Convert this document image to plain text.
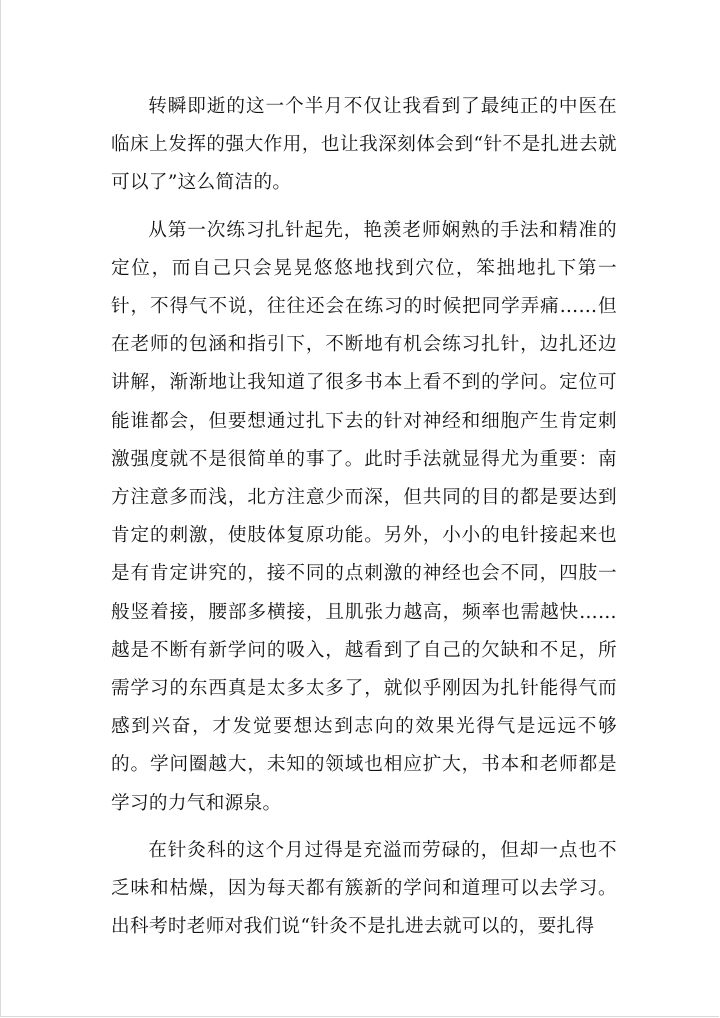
转瞬即逝的这一个半月不仅让我看到了最纯正的中医在临床上发挥的强大作用，也让我深刻体会到“针不是扎进去就可以了”这么简洁的。

从第一次练习扎针起先，艳羡老师娴熟的手法和精准的定位，而自己只会晃晃悠悠地找到穴位，笨拙地扎下第一针，不得气不说，往往还会在练习的时候把同学弄痛……但在老师的包涵和指引下，不断地有机会练习扎针，边扎还边讲解，渐渐地让我知道了很多书本上看不到的学问。定位可能谁都会，但要想通过扎下去的针对神经和细胞产生肯定刺激强度就不是很简单的事了。此时手法就显得尤为重要：南方注意多而浅，北方注意少而深，但共同的目的都是要达到肯定的刺激，使肢体复原功能。另外，小小的电针接起来也是有肯定讲究的，接不同的点刺激的神经也会不同，四肢一般竖着接，腰部多横接，且肌张力越高，频率也需越快……越是不断有新学问的吸入，越看到了自己的欠缺和不足，所需学习的东西真是太多太多了，就似乎刚因为扎针能得气而感到兴奋，才发觉要想达到志向的效果光得气是远远不够的。学问圈越大，未知的领域也相应扩大，书本和老师都是学习的力气和源泉。

在针灸科的这个月过得是充溢而劳碌的，但却一点也不乏味和枯燥，因为每天都有簇新的学问和道理可以去学习。出科考时老师对我们说“针灸不是扎进去就可以的，要扎得
